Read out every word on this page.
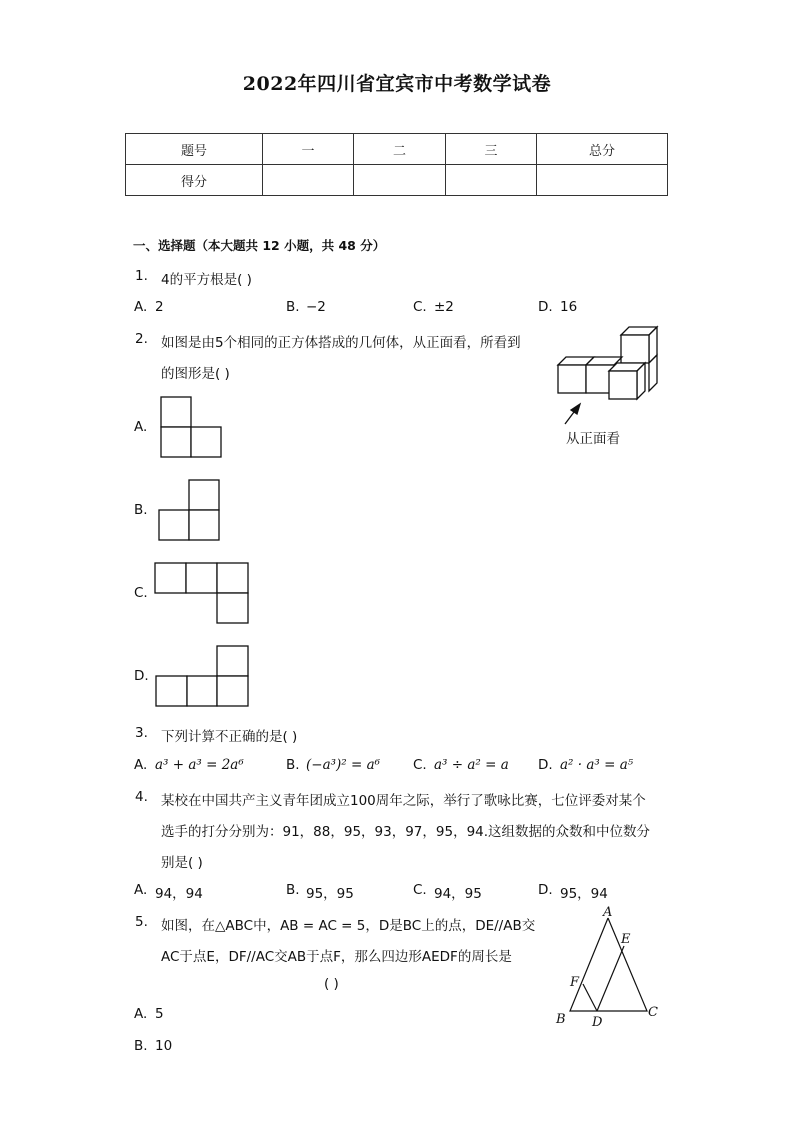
2022年四川省宜宾市中考数学试卷
题号	一	二	三	总分
得分				
一、选择题（本大题共 12 小题，共 48 分）
1. 4的平方根是( )
A. 2	B. −2	C. ±2	D. 16
2. 如图是由5个相同的正方体搭成的几何体，从正面看，所看到
的图形是( )
从正面看
A.
B.
C.
D.
3. 下列计算不正确的是( )
A. a³ + a³ = 2a⁶	B. (−a³)² = a⁶ C. a³ ÷ a² = a D. a² · a³ = a⁵
4. 某校在中国共产主义青年团成立100周年之际，举行了歌咏比赛，七位评委对某个
选手的打分分别为：91，88，95，93，97，95，94.这组数据的众数和中位数分
别是( )
A. 94，94	B. 95，95	C. 94，95	D. 95，94
5. 如图，在△ABC中，AB = AC = 5，D是BC上的点，DE//AB交
AC于点E，DF//AC交AB于点F，那么四边形AEDF的周长是
( )
A
B	C
D
E
F
A. 5
B. 10
